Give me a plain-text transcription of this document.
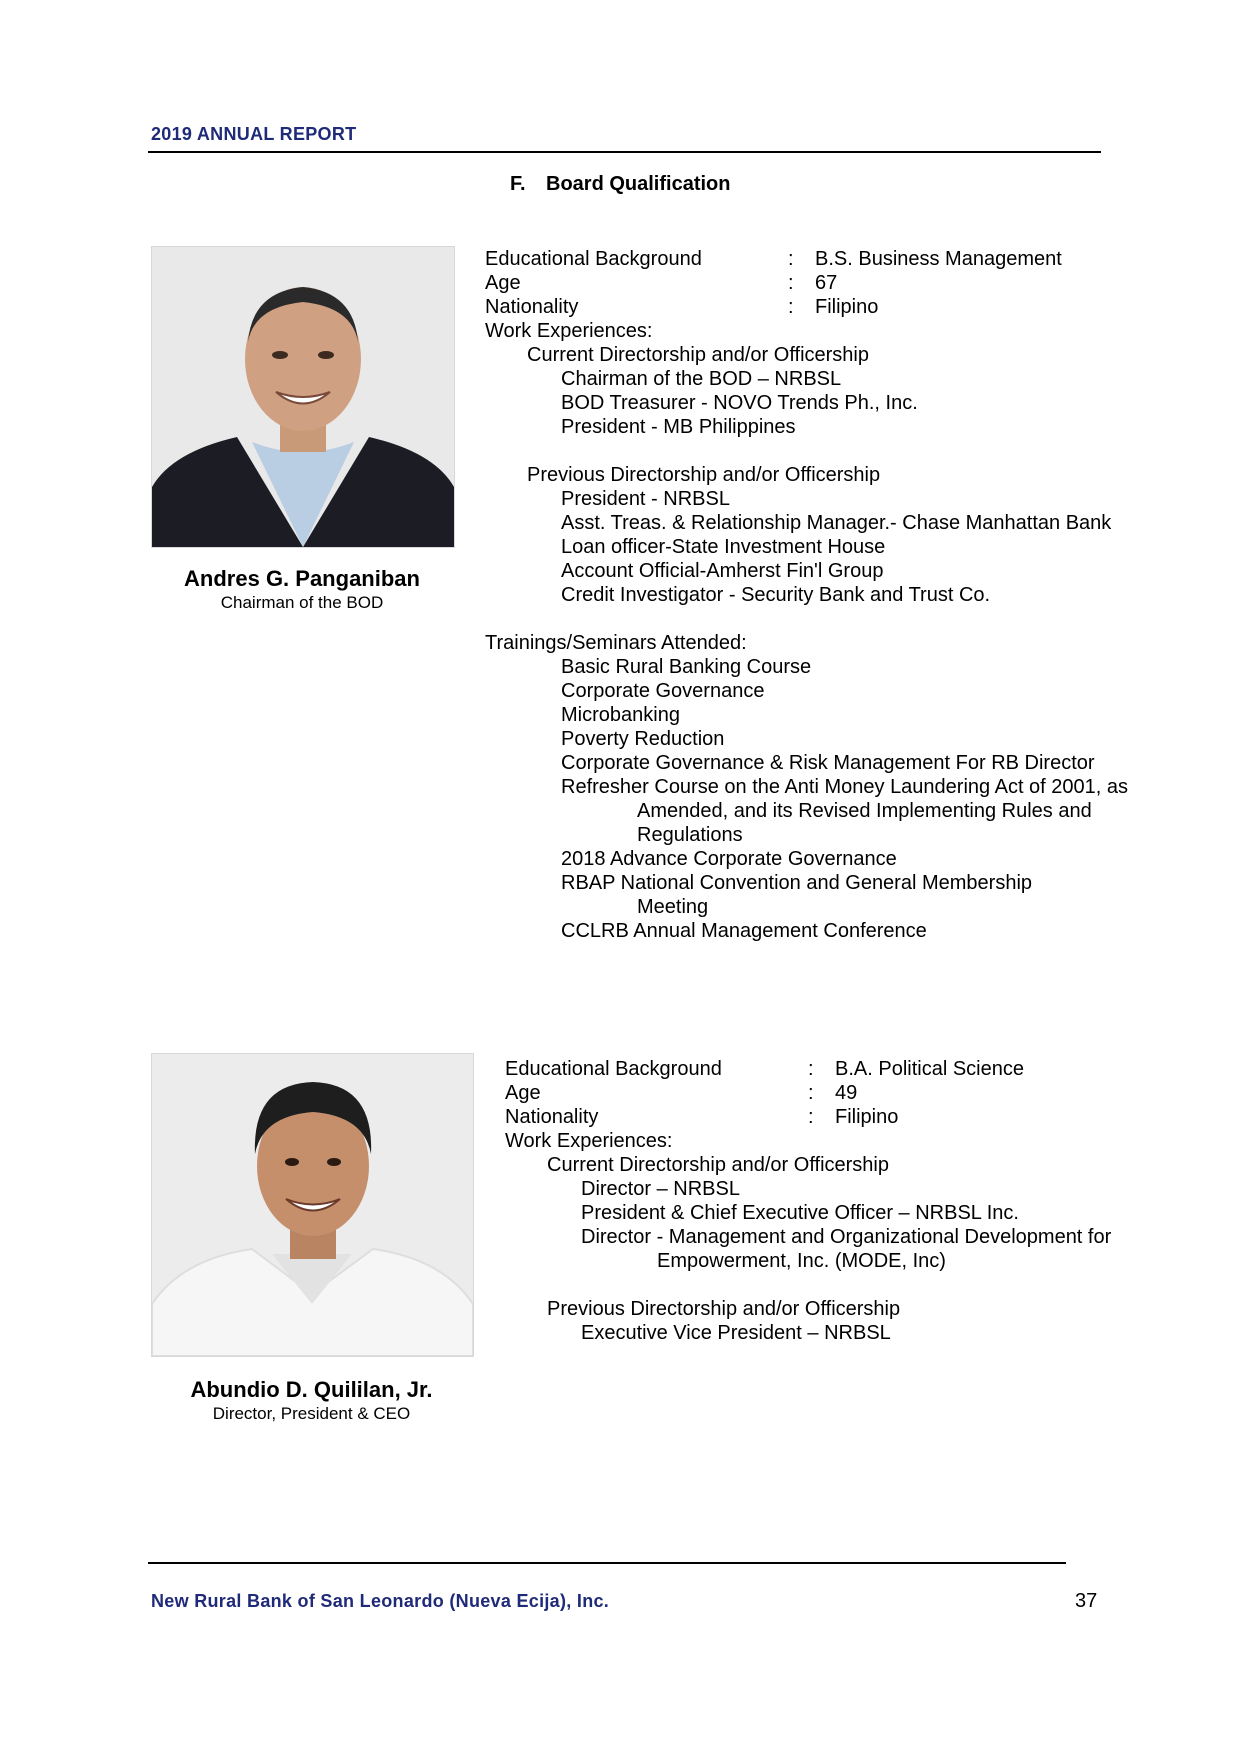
2019 ANNUAL REPORT
F. Board Qualification
Andres G. Panganiban
Chairman of the BOD
Educational Background	: B.S. Business Management
Age	: 67
Nationality	: Filipino
Work Experiences:
Current Directorship and/or Officership
Chairman of the BOD – NRBSL
BOD Treasurer - NOVO Trends Ph., Inc.
President - MB Philippines
Previous Directorship and/or Officership
President - NRBSL
Asst. Treas. & Relationship Manager.- Chase Manhattan Bank
Loan officer-State Investment House
Account Official-Amherst Fin'l Group
Credit Investigator - Security Bank and Trust Co.
Trainings/Seminars Attended:
Basic Rural Banking Course
Corporate Governance
Microbanking
Poverty Reduction
Corporate Governance & Risk Management For RB Director
Refresher Course on the Anti Money Laundering Act of 2001, as
Amended, and its Revised Implementing Rules and
Regulations
2018 Advance Corporate Governance
RBAP National Convention and General Membership
Meeting
CCLRB Annual Management Conference
Abundio D. Quililan, Jr.
Director, President & CEO
Educational Background	: B.A. Political Science
Age	: 49
Nationality	: Filipino
Work Experiences:
Current Directorship and/or Officership
Director – NRBSL
President & Chief Executive Officer – NRBSL Inc.
Director - Management and Organizational Development for
Empowerment, Inc. (MODE, Inc)
Previous Directorship and/or Officership
Executive Vice President – NRBSL
New Rural Bank of San Leonardo (Nueva Ecija), Inc.	37
